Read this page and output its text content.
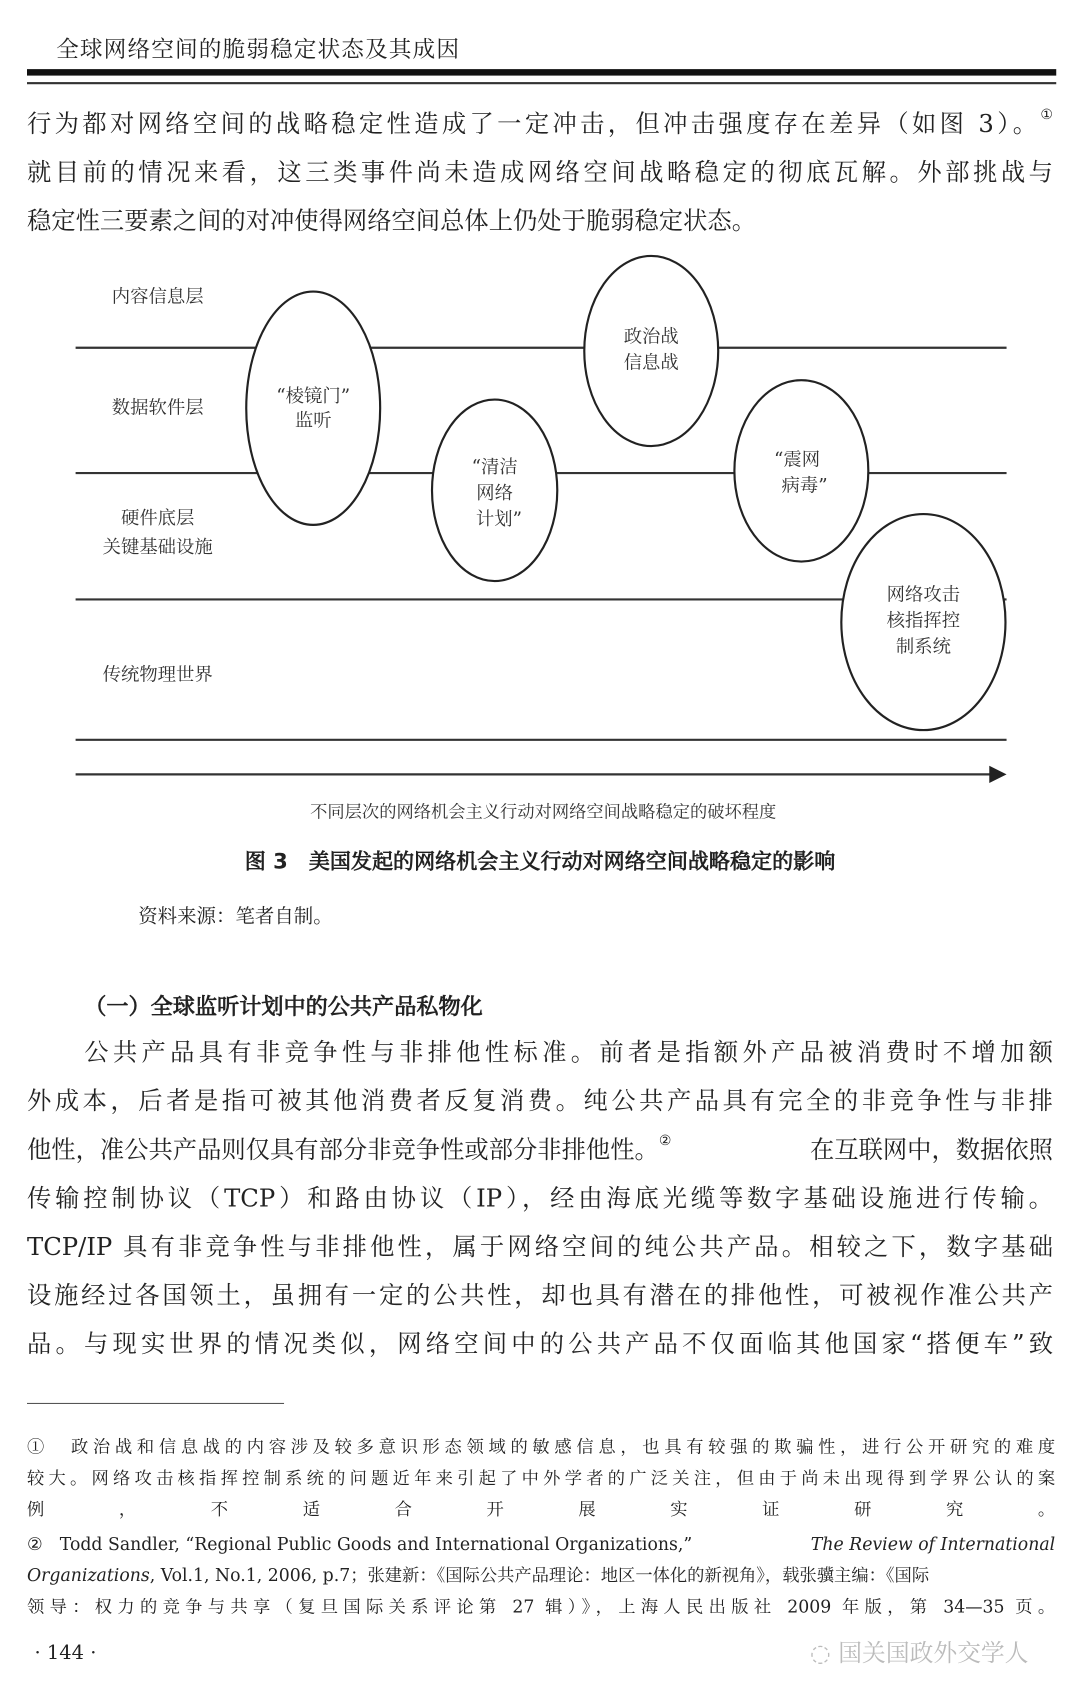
全球网络空间的脆弱稳定状态及其成因
行为都对网络空间的战略稳定性造成了一定冲击，但冲击强度存在差异（如图 3）。①
就目前的情况来看，这三类事件尚未造成网络空间战略稳定的彻底瓦解。外部挑战与
稳定性三要素之间的对冲使得网络空间总体上仍处于脆弱稳定状态。
内容信息层
数据软件层
硬件底层
关键基础设施
传统物理世界
“棱镜门”
监听
“清洁
网络
计划”
政治战
信息战
“震网
病毒”
网络攻击
核指挥控
制系统
不同层次的网络机会主义行动对网络空间战略稳定的破坏程度
图 3　美国发起的网络机会主义行动对网络空间战略稳定的影响
资料来源：笔者自制。
（一）全球监听计划中的公共产品私物化
　　公共产品具有非竞争性与非排他性标准。前者是指额外产品被消费时不增加额
外成本，后者是指可被其他消费者反复消费。纯公共产品具有完全的非竞争性与非排
他性，准公共产品则仅具有部分非竞争性或部分非排他性。②	在互联网中，数据依照
传输控制协议（TCP）和路由协议（IP），经由海底光缆等数字基础设施进行传输。
TCP/IP 具有非竞争性与非排他性，属于网络空间的纯公共产品。相较之下，数字基础
设施经过各国领土，虽拥有一定的公共性，却也具有潜在的排他性，可被视作准公共产
品。与现实世界的情况类似，网络空间中的公共产品不仅面临其他国家“搭便车”致
①　政治战和信息战的内容涉及较多意识形态领域的敏感信息，也具有较强的欺骗性，进行公开研究的难度
较大。网络攻击核指挥控制系统的问题近年来引起了中外学者的广泛关注，但由于尚未出现得到学界公认的案
例，不适合开展实证研究。
②　Todd Sandler, “Regional Public Goods and International Organizations,”	The Review of International
Organizations , Vol.1, No.1, 2006, p.7；张建新：《国际公共产品理论：地区一体化的新视角》，载张骥主编：《国际
领导：权力的竞争与共享（复旦国际关系评论第 27 辑）》，上海人民出版社 2009 年版，第 34—35 页。
· 144 ·	◌ 国关国政外交学人
